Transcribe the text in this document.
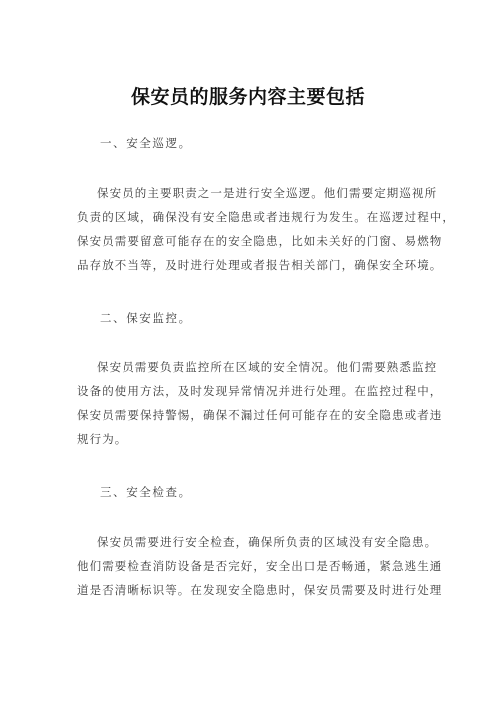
保安员的服务内容主要包括

一、安全巡逻。

保安员的主要职责之一是进行安全巡逻。他们需要定期巡视所

负责的区域，确保没有安全隐患或者违规行为发生。在巡逻过程中，

保安员需要留意可能存在的安全隐患，比如未关好的门窗、易燃物

品存放不当等，及时进行处理或者报告相关部门，确保安全环境。

二、保安监控。

保安员需要负责监控所在区域的安全情况。他们需要熟悉监控

设备的使用方法，及时发现异常情况并进行处理。在监控过程中，

保安员需要保持警惕，确保不漏过任何可能存在的安全隐患或者违

规行为。

三、安全检查。

保安员需要进行安全检查，确保所负责的区域没有安全隐患。

他们需要检查消防设备是否完好，安全出口是否畅通，紧急逃生通

道是否清晰标识等。在发现安全隐患时，保安员需要及时进行处理
